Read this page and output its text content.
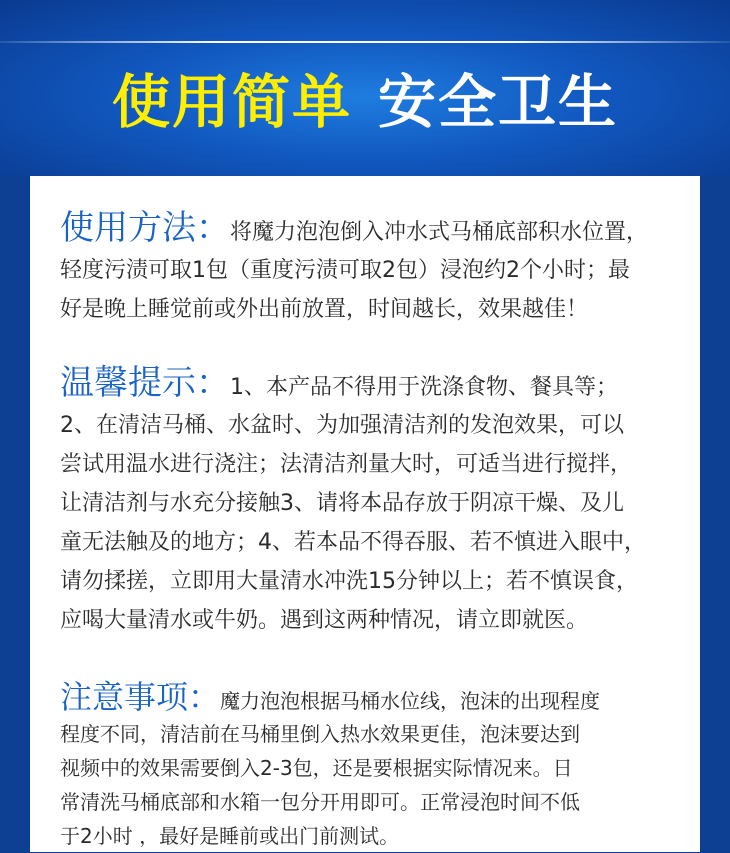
使用简单 安全卫生
使用方法：将魔力泡泡倒入冲水式马桶底部积水位置，
轻度污渍可取1包（重度污渍可取2包）浸泡约2个小时；最
好是晚上睡觉前或外出前放置，时间越长，效果越佳！
温馨提示：1、本产品不得用于洗涤食物、餐具等；
2、在清洁马桶、水盆时、为加强清洁剂的发泡效果，可以
尝试用温水进行浇注；法清洁剂量大时，可适当进行搅拌，
让清洁剂与水充分接触3、请将本品存放于阴凉干燥、及儿
童无法触及的地方；4、若本品不得吞服、若不慎进入眼中，
请勿揉搓，立即用大量清水冲洗15分钟以上；若不慎误食，
应喝大量清水或牛奶。遇到这两种情况，请立即就医。
注意事项：魔力泡泡根据马桶水位线，泡沫的出现程度
程度不同，清洁前在马桶里倒入热水效果更佳，泡沫要达到
视频中的效果需要倒入2-3包，还是要根据实际情况来。日
常清洗马桶底部和水箱一包分开用即可。正常浸泡时间不低
于2小时 ，最好是睡前或出门前测试。
